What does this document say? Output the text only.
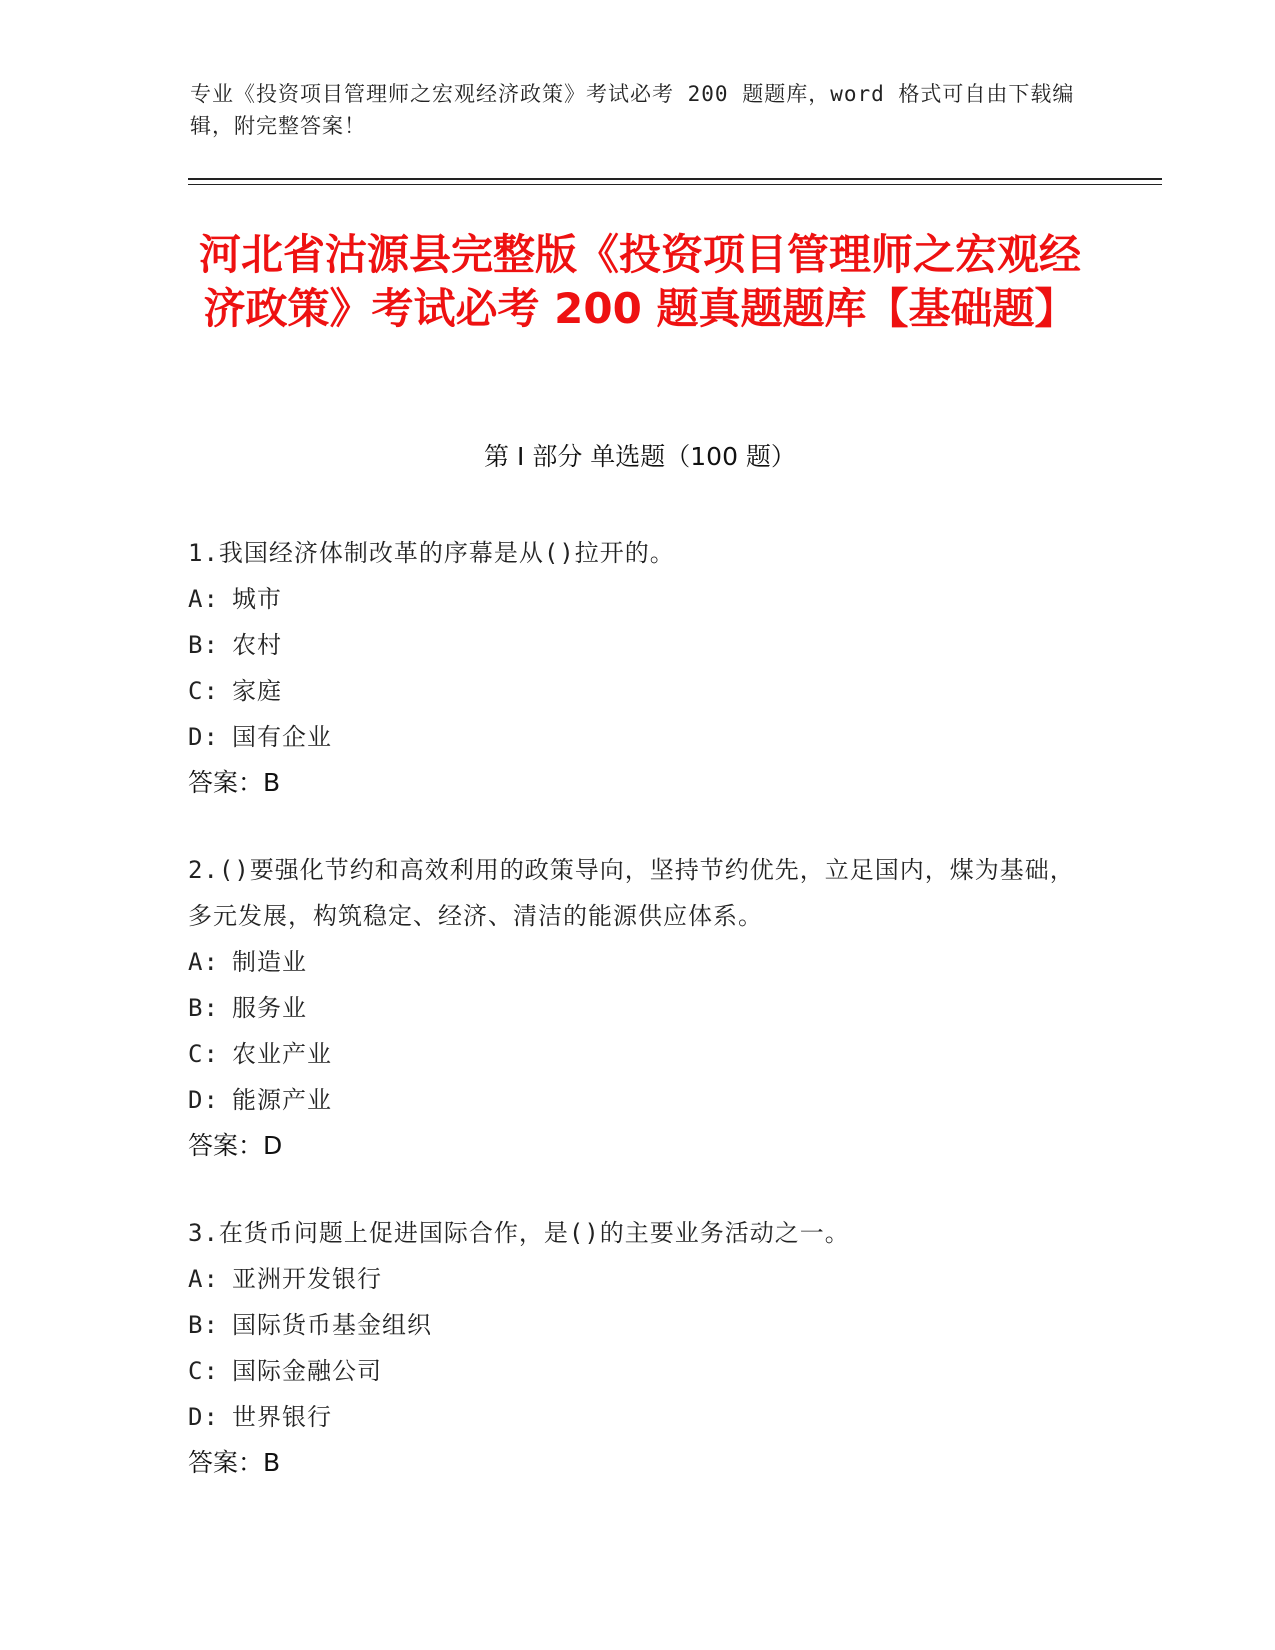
专业《投资项目管理师之宏观经济政策》考试必考 200 题题库，word 格式可自由下载编辑，附完整答案！
河北省沽源县完整版《投资项目管理师之宏观经济政策》考试必考 200 题真题题库【基础题】
第 I 部分 单选题（100 题）
1.我国经济体制改革的序幕是从()拉开的。
A: 城市
B: 农村
C: 家庭
D: 国有企业
答案：B
2.()要强化节约和高效利用的政策导向，坚持节约优先，立足国内，煤为基础，多元发展，构筑稳定、经济、清洁的能源供应体系。
A: 制造业
B: 服务业
C: 农业产业
D: 能源产业
答案：D
3.在货币问题上促进国际合作，是()的主要业务活动之一。
A: 亚洲开发银行
B: 国际货币基金组织
C: 国际金融公司
D: 世界银行
答案：B
